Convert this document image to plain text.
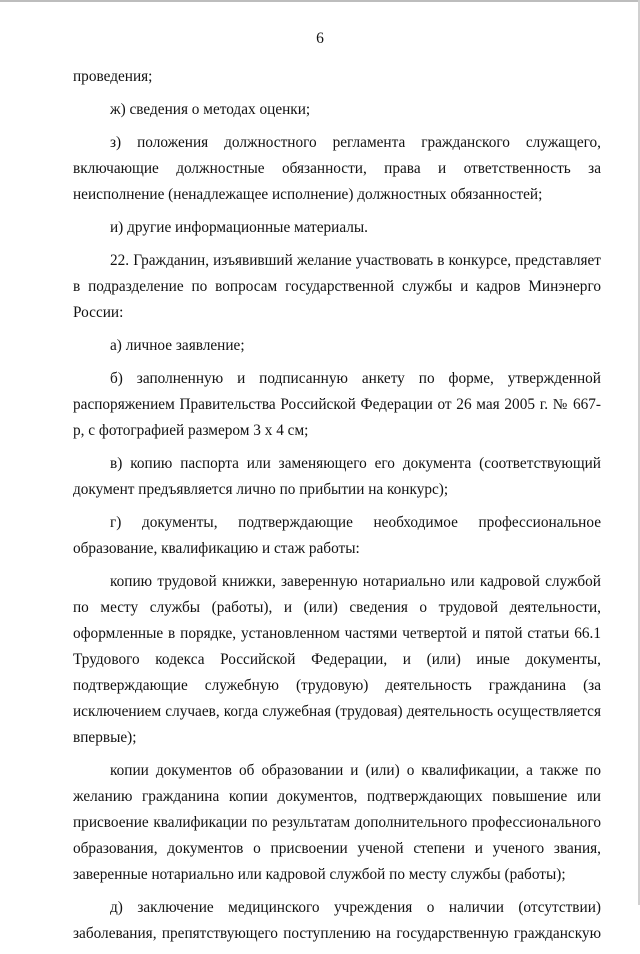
6

проведения;

ж) сведения о методах оценки;

з) положения должностного регламента гражданского служащего, включающие должностные обязанности, права и ответственность за неисполнение (ненадлежащее исполнение) должностных обязанностей;

и) другие информационные материалы.

22. Гражданин, изъявивший желание участвовать в конкурсе, представляет в подразделение по вопросам государственной службы и кадров Минэнерго России:

а) личное заявление;

б) заполненную и подписанную анкету по форме, утвержденной распоряжением Правительства Российской Федерации от 26 мая 2005 г. № 667-р, с фотографией размером 3 х 4 см;

в) копию паспорта или заменяющего его документа (соответствующий документ предъявляется лично по прибытии на конкурс);

г) документы, подтверждающие необходимое профессиональное образование, квалификацию и стаж работы:

копию трудовой книжки, заверенную нотариально или кадровой службой по месту службы (работы), и (или) сведения о трудовой деятельности, оформленные в порядке, установленном частями четвертой и пятой статьи 66.1 Трудового кодекса Российской Федерации, и (или) иные документы, подтверждающие служебную (трудовую) деятельность гражданина (за исключением случаев, когда служебная (трудовая) деятельность осуществляется впервые);

копии документов об образовании и (или) о квалификации, а также по желанию гражданина копии документов, подтверждающих повышение или присвоение квалификации по результатам дополнительного профессионального образования, документов о присвоении ученой степени и ученого звания, заверенные нотариально или кадровой службой по месту службы (работы);

д) заключение медицинского учреждения о наличии (отсутствии) заболевания, препятствующего поступлению на государственную гражданскую
